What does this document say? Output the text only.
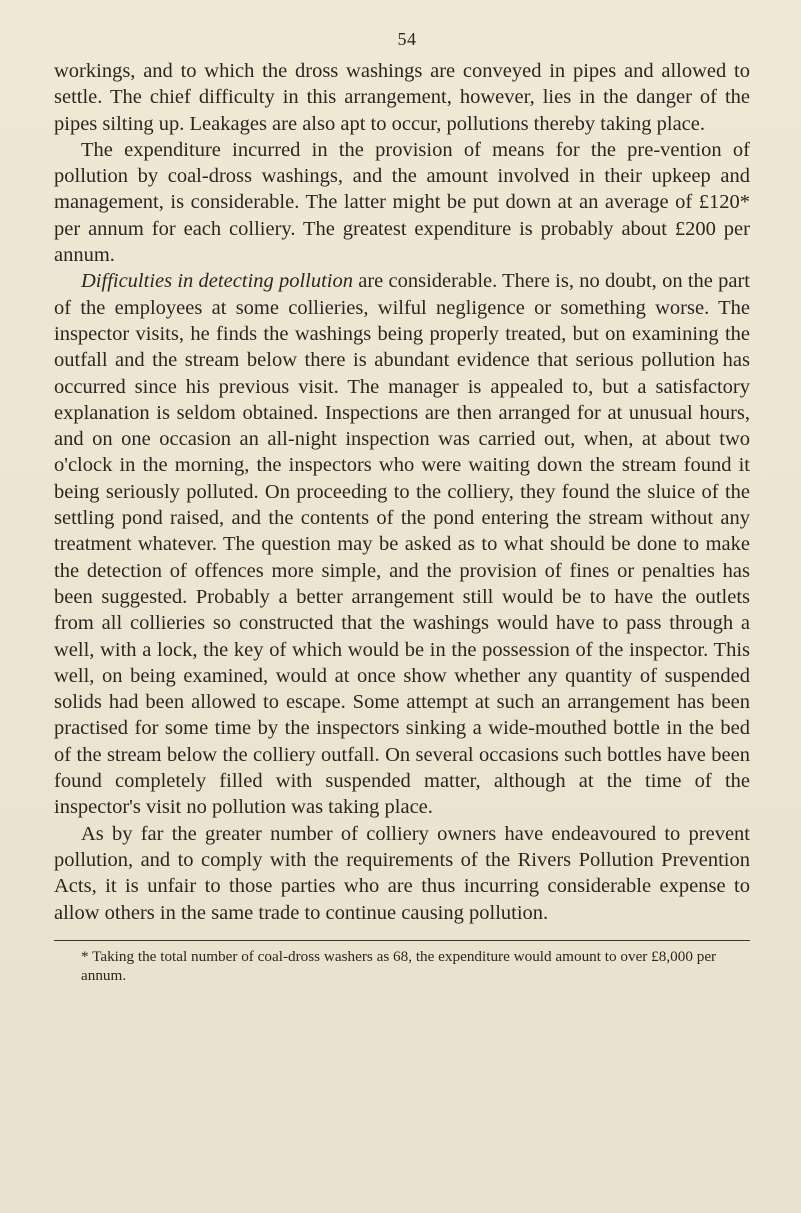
54

workings, and to which the dross washings are conveyed in pipes and allowed to settle. The chief difficulty in this arrangement, however, lies in the danger of the pipes silting up. Leakages are also apt to occur, pollutions thereby taking place.

The expenditure incurred in the provision of means for the pre-vention of pollution by coal-dross washings, and the amount involved in their upkeep and management, is considerable. The latter might be put down at an average of £120* per annum for each colliery. The greatest expenditure is probably about £200 per annum.

Difficulties in detecting pollution are considerable. There is, no doubt, on the part of the employees at some collieries, wilful negligence or something worse. The inspector visits, he finds the washings being properly treated, but on examining the outfall and the stream below there is abundant evidence that serious pollution has occurred since his previous visit. The manager is appealed to, but a satisfactory explanation is seldom obtained. Inspections are then arranged for at unusual hours, and on one occasion an all-night inspection was carried out, when, at about two o'clock in the morning, the inspectors who were waiting down the stream found it being seriously polluted. On proceeding to the colliery, they found the sluice of the settling pond raised, and the contents of the pond entering the stream without any treatment whatever. The question may be asked as to what should be done to make the detection of offences more simple, and the provision of fines or penalties has been suggested. Probably a better arrangement still would be to have the outlets from all collieries so constructed that the washings would have to pass through a well, with a lock, the key of which would be in the possession of the inspector. This well, on being examined, would at once show whether any quantity of suspended solids had been allowed to escape. Some attempt at such an arrangement has been practised for some time by the inspectors sinking a wide-mouthed bottle in the bed of the stream below the colliery outfall. On several occasions such bottles have been found completely filled with suspended matter, although at the time of the inspector's visit no pollution was taking place.

As by far the greater number of colliery owners have endeavoured to prevent pollution, and to comply with the requirements of the Rivers Pollution Prevention Acts, it is unfair to those parties who are thus incurring considerable expense to allow others in the same trade to continue causing pollution.

* Taking the total number of coal-dross washers as 68, the expenditure would amount to over £8,000 per annum.
